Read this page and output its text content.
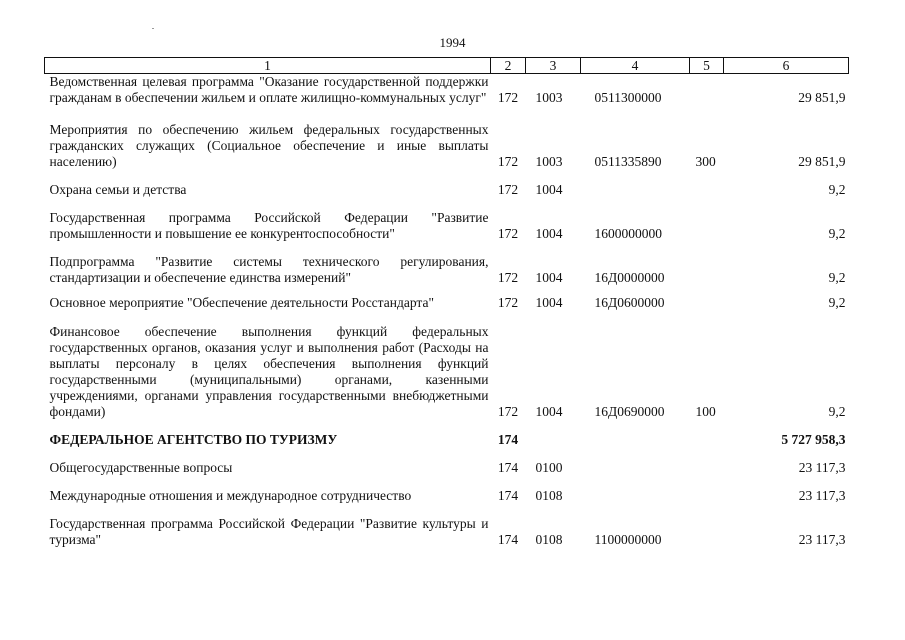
1994
1	2	3	4	5	6
Ведомственная целевая программа "Оказание государственной поддержки гражданам в обеспечении жильем и оплате жилищно-коммунальных услуг"	172	1003	0511300000		29 851,9
Мероприятия по обеспечению жильем федеральных государственных гражданских служащих (Социальное обеспечение и иные выплаты населению)	172	1003	0511335890	300	29 851,9
Охрана семьи и детства	172	1004			9,2
Государственная программа Российской Федерации "Развитие промышленности и повышение ее конкурентоспособности"	172	1004	1600000000		9,2
Подпрограмма "Развитие системы технического регулирования, стандартизации и обеспечение единства измерений"	172	1004	16Д0000000		9,2
Основное мероприятие "Обеспечение деятельности Росстандарта"	172	1004	16Д0600000		9,2
Финансовое обеспечение выполнения функций федеральных государственных органов, оказания услуг и выполнения работ (Расходы на выплаты персоналу в целях обеспечения выполнения функций государственными (муниципальными) органами, казенными учреждениями, органами управления государственными внебюджетными фондами)	172	1004	16Д0690000	100	9,2
ФЕДЕРАЛЬНОЕ АГЕНТСТВО ПО ТУРИЗМУ	174				5 727 958,3
Общегосударственные вопросы	174	0100			23 117,3
Международные отношения и международное сотрудничество	174	0108			23 117,3
Государственная программа Российской Федерации "Развитие культуры и туризма"	174	0108	1100000000		23 117,3
